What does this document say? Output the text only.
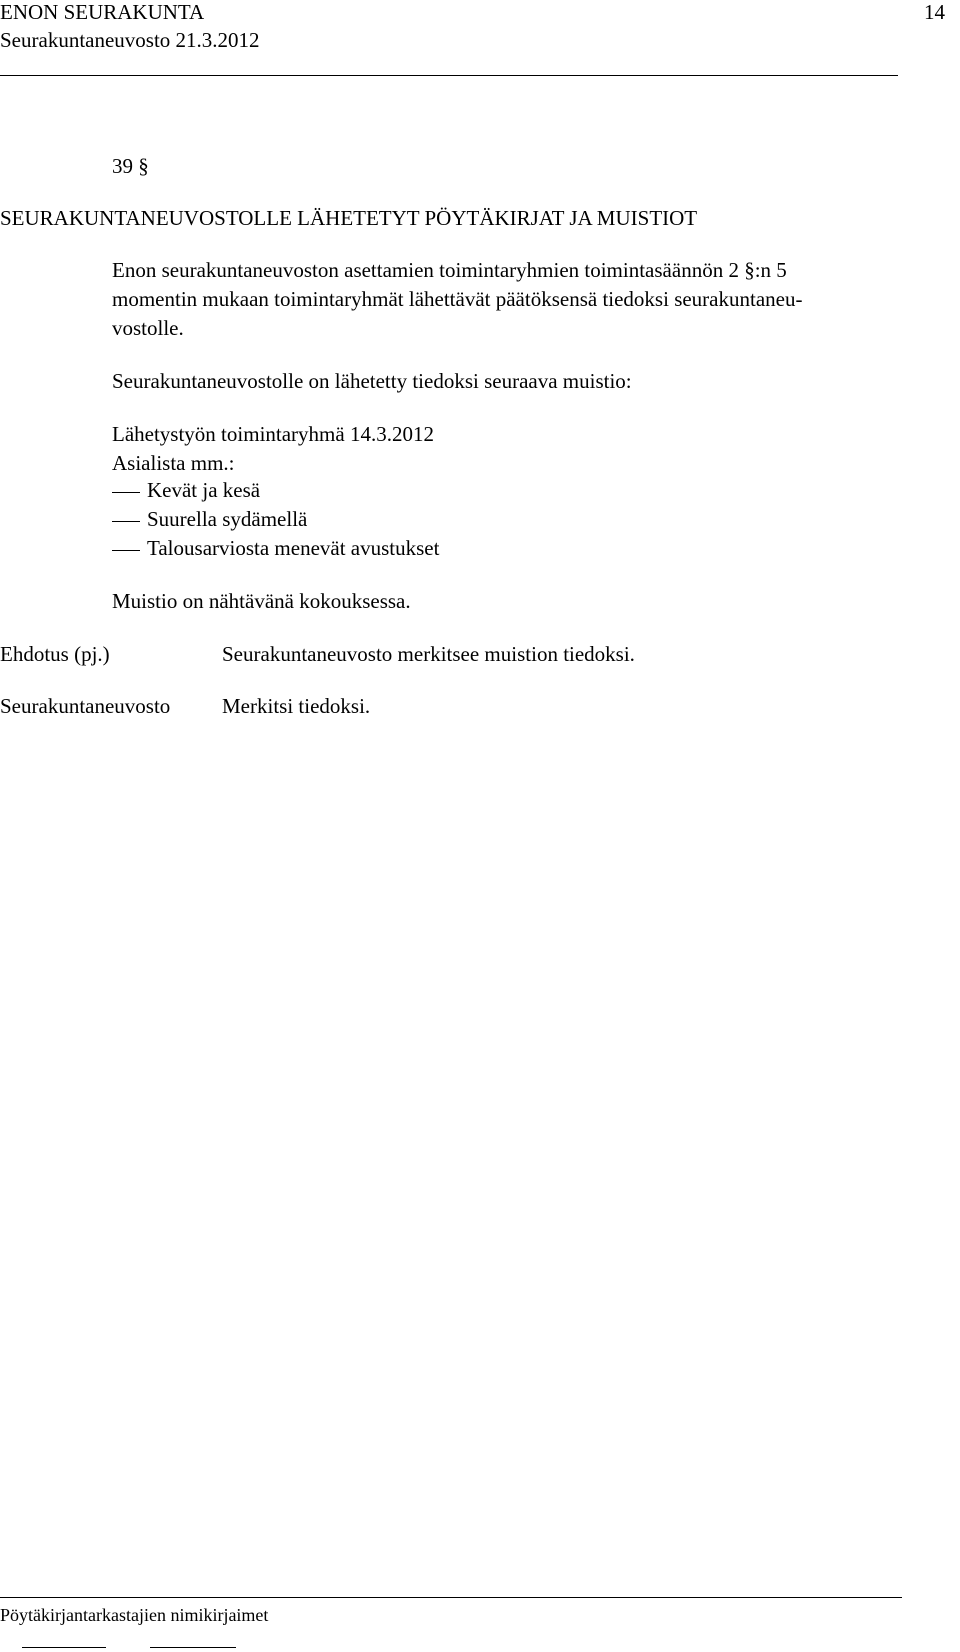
ENON SEURAKUNTA	14
Seurakuntaneuvosto 21.3.2012
39 §
SEURAKUNTANEUVOSTOLLE LÄHETETYT PÖYTÄKIRJAT JA MUISTIOT
Enon seurakuntaneuvoston asettamien toimintaryhmien toimintasäännön 2 §:n 5
momentin mukaan toimintaryhmät lähettävät päätöksensä tiedoksi seurakuntaneu-
vostolle.
Seurakuntaneuvostolle on lähetetty tiedoksi seuraava muistio:
Lähetystyön toimintaryhmä 14.3.2012
Asialista mm.:
Kevät ja kesä
Suurella sydämellä
Talousarviosta menevät avustukset
Muistio on nähtävänä kokouksessa.
Ehdotus (pj.)	Seurakuntaneuvosto merkitsee muistion tiedoksi.
Seurakuntaneuvosto Merkitsi tiedoksi.
Pöytäkirjantarkastajien nimikirjaimet
